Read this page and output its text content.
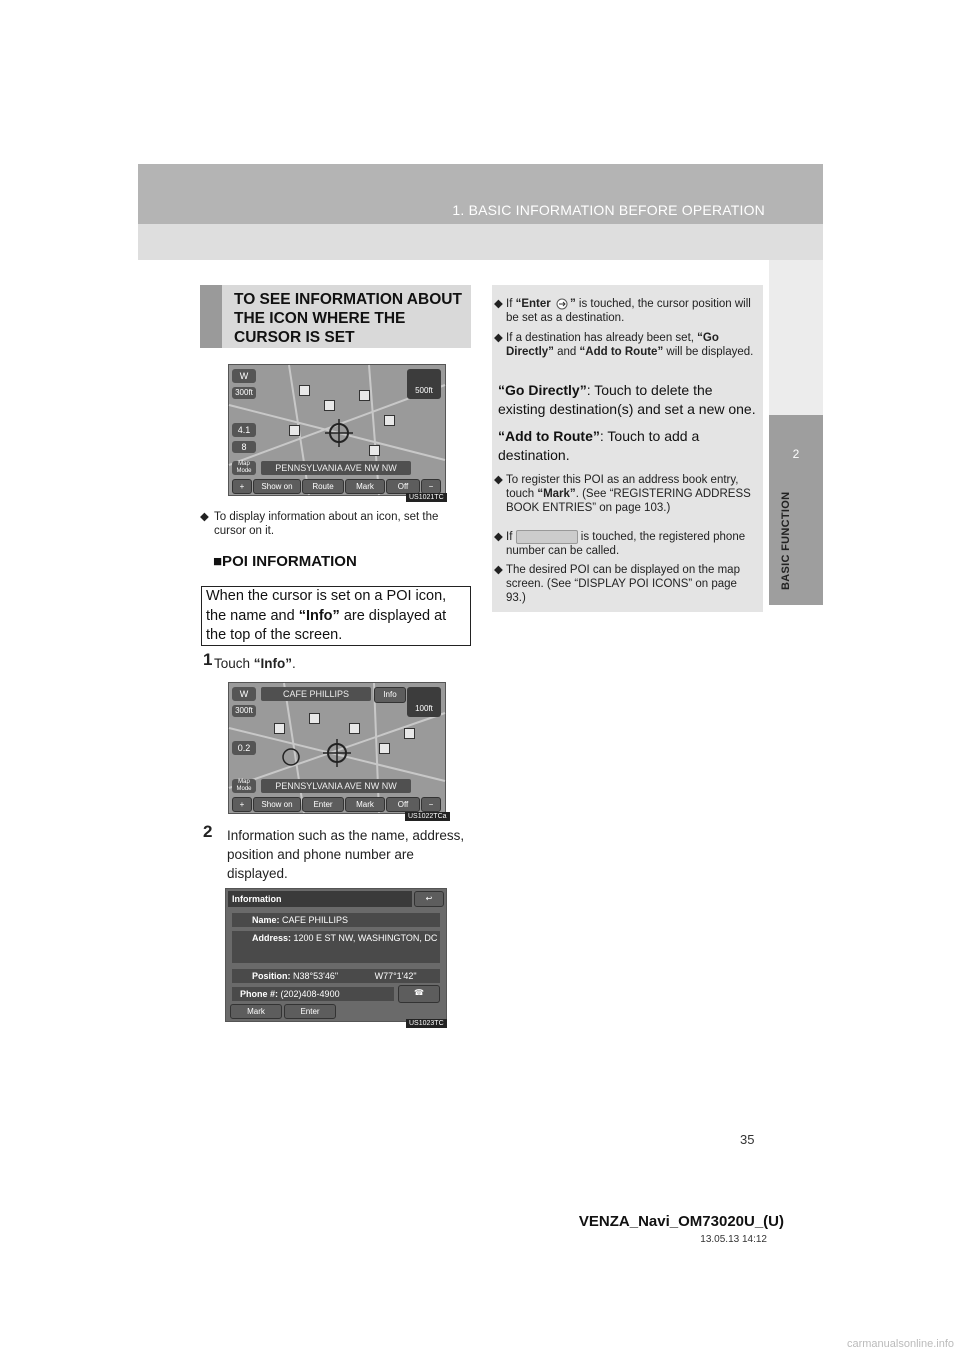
1. BASIC INFORMATION BEFORE OPERATION
2
BASIC FUNCTION
TO SEE INFORMATION ABOUT THE ICON WHERE THE CURSOR IS SET
W
300ft
4.1
8
Map Mode
500ft
PENNSYLVANIA AVE NW NW
+	Show on Map
Route	Mark	Off	−
US1021TC
◆ To display information about an icon, set the cursor on it.
■POI INFORMATION
When the cursor is set on a POI icon, the name and “Info” are displayed at the top of the screen.
1 Touch “Info”.
W	CAFE PHILLIPS	Info
300ft
0.2
Map Mode
100ft
PENNSYLVANIA AVE NW NW
+	Show on Map
Enter	Mark	Off	−
US1022TCa
2 Information such as the name, address, position and phone number are displayed.
Information	↩
Name: CAFE PHILLIPS
Address: 1200 E ST NW, WASHINGTON, DC
Position: N38°53'46"	W77°1'42"
Phone #: (202)408-4900	☎
Mark	Enter
US1023TC
◆ If “Enter ” is touched, the cursor position will be set as a destination.
◆ If a destination has already been set, “Go Directly” and “Add to Route” will be displayed.
“Go Directly”: Touch to delete the existing destination(s) and set a new one.
“Add to Route”: Touch to add a destination.
◆ To register this POI as an address book entry, touch “Mark”. (See “REGISTERING ADDRESS BOOK ENTRIES” on page 103.)
◆ If	is touched, the registered phone number can be called.
◆ The desired POI can be displayed on the map screen. (See “DISPLAY POI ICONS” on page 93.)
35
VENZA_Navi_OM73020U_(U)
13.05.13 14:12
carmanualsonline.info
